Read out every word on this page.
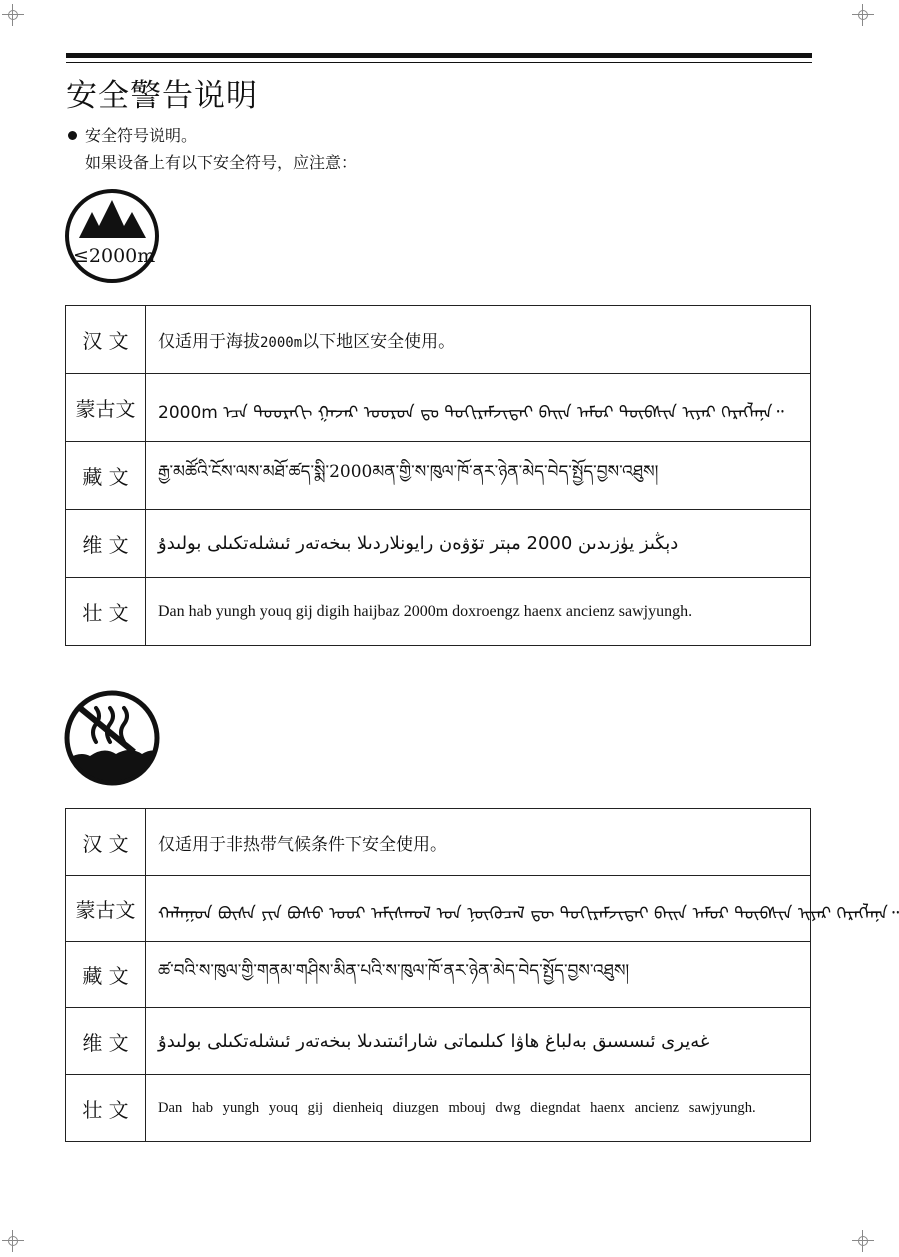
安全警告说明
安全符号说明。
如果设备上有以下安全符号，应注意：
≤2000m
汉 文	仅适用于海拔2000m以下地区安全使用。
蒙古文	2000m ᠡᠴᠡ ᠳᠣᠣᠷᠠᠬᠢ ᠭᠠᠵᠠᠷ ᠤᠤᠷᠤᠨ ᠳᠤ ᠲᠣᠬᠢᠷᠠᠮᠵᠢᠲᠠᠢ ᠪᠠᠢᠨ ᠠᠮᠤᠷ ᠲᠦᠪᠰᠢᠨ ᠢᠶᠡᠷ ᠬᠡᠷᠡᠭᠯᠡᠨᠡ᠃
藏 文	རྒྱ་མཚོའི་ངོས་ལས་མཐོ་ཚད་སྨི་2000མན་གྱི་ས་ཁུལ་ཁོ་ནར་ཉེན་མེད་བེད་སྤྱོད་བྱས་འཐུས།
维 文	دېڭىز يۈزىدىن 2000 مېتر تۆۋەن رايونلاردىلا بىخەتەر ئىشلەتكىلى بولىدۇ
壮 文	Dan hab yungh youq gij digih haijbaz 2000m doxroengz haenx ancienz sawjyungh.
汉 文	仅适用于非热带气候条件下安全使用。
蒙古文	ᠬᠠᠯᠠᠭᠤᠨ ᠪᠦᠰᠡ ᠶᠢᠨ ᠪᠤᠰᠤ ᠤᠤᠷ ᠠᠮᠢᠰᠬᠤᠯ ᠤᠨ ᠨᠥᠬᠦᠴᠡᠯ ᠳᠦ ᠲᠣᠬᠢᠷᠠᠮᠵᠢᠲᠠᠢ ᠪᠠᠢᠨ ᠠᠮᠤᠷ ᠲᠦᠪᠰᠢᠨ ᠢᠶᠡᠷ ᠬᠡᠷᠡᠭᠯᠡᠨᠡ᠃
藏 文	ཚ་བའི་ས་ཁུལ་གྱི་གནམ་གཤིས་མིན་པའི་ས་ཁུལ་ཁོ་ནར་ཉེན་མེད་བེད་སྤྱོད་བྱས་འཐུས།
维 文	غەيرى ئىسسىق بەلباغ ھاۋا كىلىماتى شارائىتىدىلا بىخەتەر ئىشلەتكىلى بولىدۇ
壮 文	Dan hab yungh youq gij dienheiq diuzgen mbouj dwg diegndat haenx ancienz sawjyungh.
